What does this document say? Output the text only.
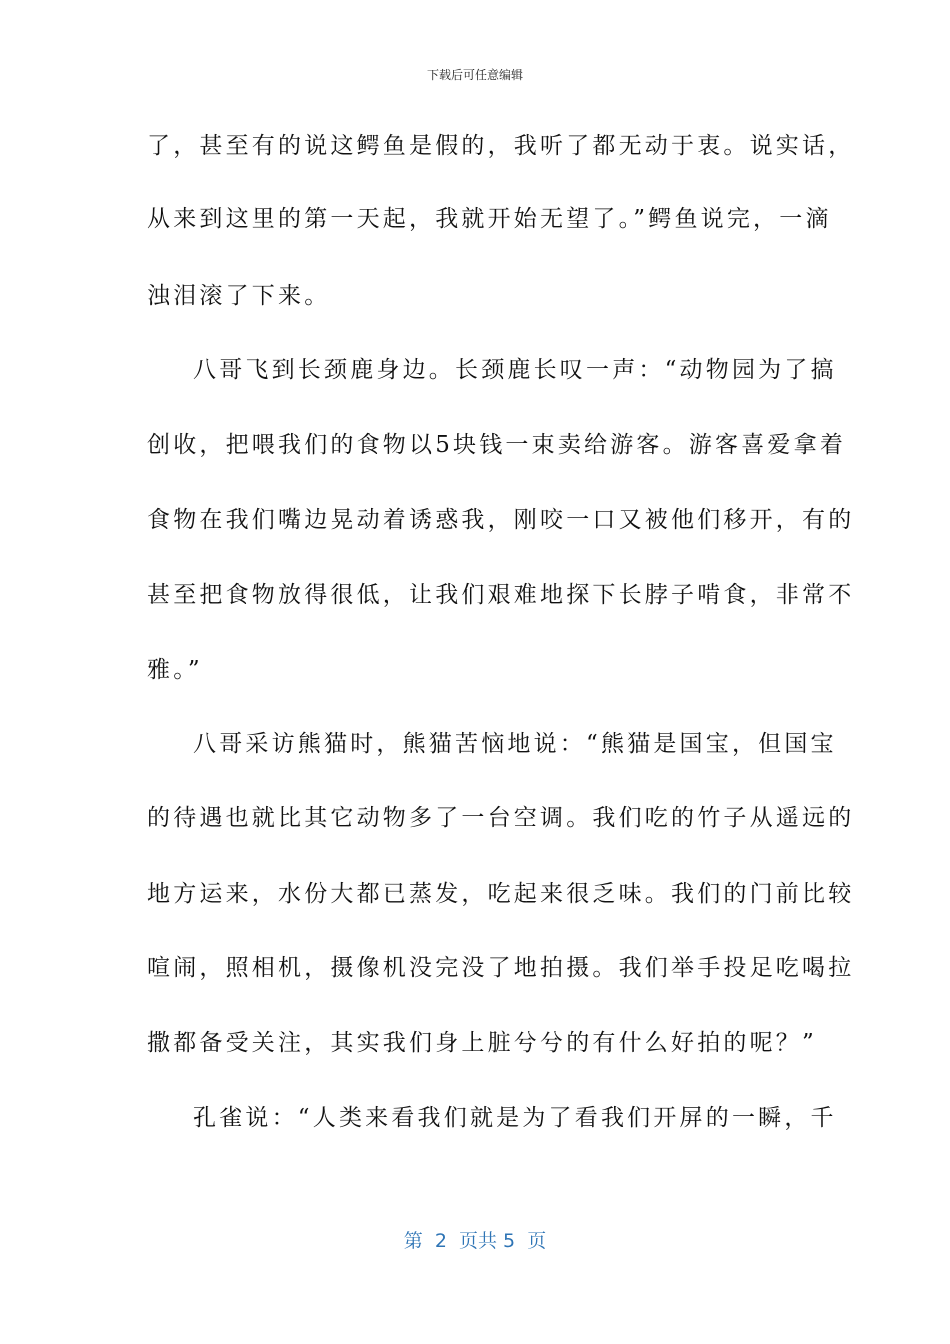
下载后可任意编辑
了，甚至有的说这鳄鱼是假的，我听了都无动于衷。说实话，
从来到这里的第一天起，我就开始无望了。”鳄鱼说完，一滴
浊泪滚了下来。
八哥飞到长颈鹿身边。长颈鹿长叹一声：“动物园为了搞
创收，把喂我们的食物以5块钱一束卖给游客。游客喜爱拿着
食物在我们嘴边晃动着诱惑我，刚咬一口又被他们移开，有的
甚至把食物放得很低，让我们艰难地探下长脖子啃食，非常不
雅。”
八哥采访熊猫时，熊猫苦恼地说：“熊猫是国宝，但国宝
的待遇也就比其它动物多了一台空调。我们吃的竹子从遥远的
地方运来，水份大都已蒸发，吃起来很乏味。我们的门前比较
喧闹，照相机，摄像机没完没了地拍摄。我们举手投足吃喝拉
撒都备受关注，其实我们身上脏兮兮的有什么好拍的呢？”
孔雀说：“人类来看我们就是为了看我们开屏的一瞬，千
第  2  页共 5  页
